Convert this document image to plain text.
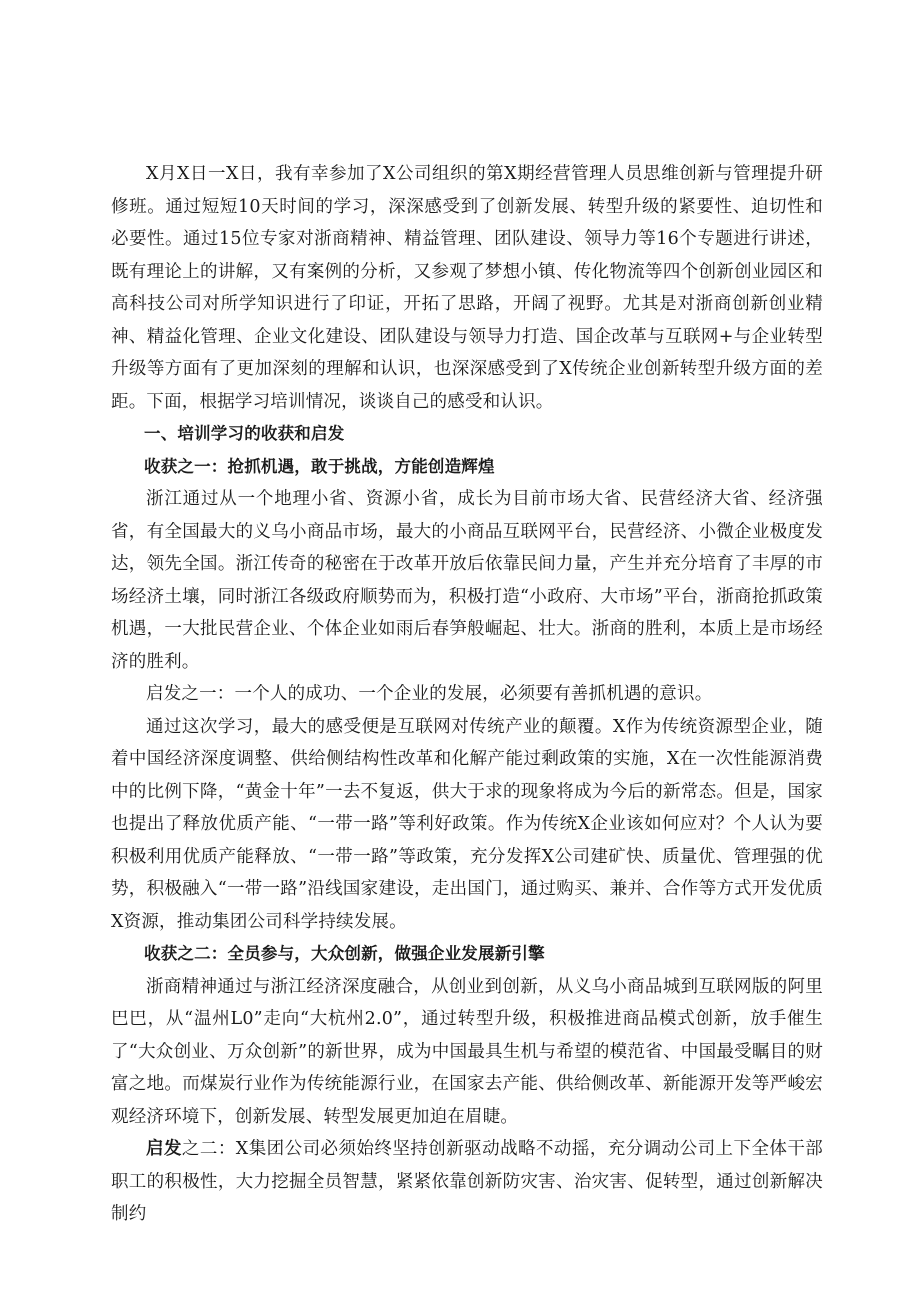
X月X日一X日，我有幸参加了X公司组织的第X期经营管理人员思维创新与管理提升研修班。通过短短10天时间的学习，深深感受到了创新发展、转型升级的紧要性、迫切性和必要性。通过15位专家对浙商精神、精益管理、团队建设、领导力等16个专题进行讲述，既有理论上的讲解，又有案例的分析，又参观了梦想小镇、传化物流等四个创新创业园区和高科技公司对所学知识进行了印证，开拓了思路，开阔了视野。尤其是对浙商创新创业精神、精益化管理、企业文化建设、团队建设与领导力打造、国企改革与互联网+与企业转型升级等方面有了更加深刻的理解和认识，也深深感受到了X传统企业创新转型升级方面的差距。下面，根据学习培训情况，谈谈自己的感受和认识。

一、培训学习的收获和启发

收获之一：抢抓机遇，敢于挑战，方能创造辉煌

浙江通过从一个地理小省、资源小省，成长为目前市场大省、民营经济大省、经济强省，有全国最大的义乌小商品市场，最大的小商品互联网平台，民营经济、小微企业极度发达，领先全国。浙江传奇的秘密在于改革开放后依靠民间力量，产生并充分培育了丰厚的市场经济土壤，同时浙江各级政府顺势而为，积极打造“小政府、大市场”平台，浙商抢抓政策机遇，一大批民营企业、个体企业如雨后春笋般崛起、壮大。浙商的胜利，本质上是市场经济的胜利。

启发之一：一个人的成功、一个企业的发展，必须要有善抓机遇的意识。

通过这次学习，最大的感受便是互联网对传统产业的颠覆。X作为传统资源型企业，随着中国经济深度调整、供给侧结构性改革和化解产能过剩政策的实施，X在一次性能源消费中的比例下降，“黄金十年”一去不复返，供大于求的现象将成为今后的新常态。但是，国家也提出了释放优质产能、“一带一路”等利好政策。作为传统X企业该如何应对？个人认为要积极利用优质产能释放、“一带一路”等政策，充分发挥X公司建矿快、质量优、管理强的优势，积极融入“一带一路”沿线国家建设，走出国门，通过购买、兼并、合作等方式开发优质X资源，推动集团公司科学持续发展。

收获之二：全员参与，大众创新，做强企业发展新引擎

浙商精神通过与浙江经济深度融合，从创业到创新，从义乌小商品城到互联网版的阿里巴巴，从“温州L0”走向“大杭州2.0”，通过转型升级，积极推进商品模式创新，放手催生了“大众创业、万众创新”的新世界，成为中国最具生机与希望的模范省、中国最受瞩目的财富之地。而煤炭行业作为传统能源行业，在国家去产能、供给侧改革、新能源开发等严峻宏观经济环境下，创新发展、转型发展更加迫在眉睫。

启发之二：X集团公司必须始终坚持创新驱动战略不动摇，充分调动公司上下全体干部职工的积极性，大力挖掘全员智慧，紧紧依靠创新防灾害、治灾害、促转型，通过创新解决制约
